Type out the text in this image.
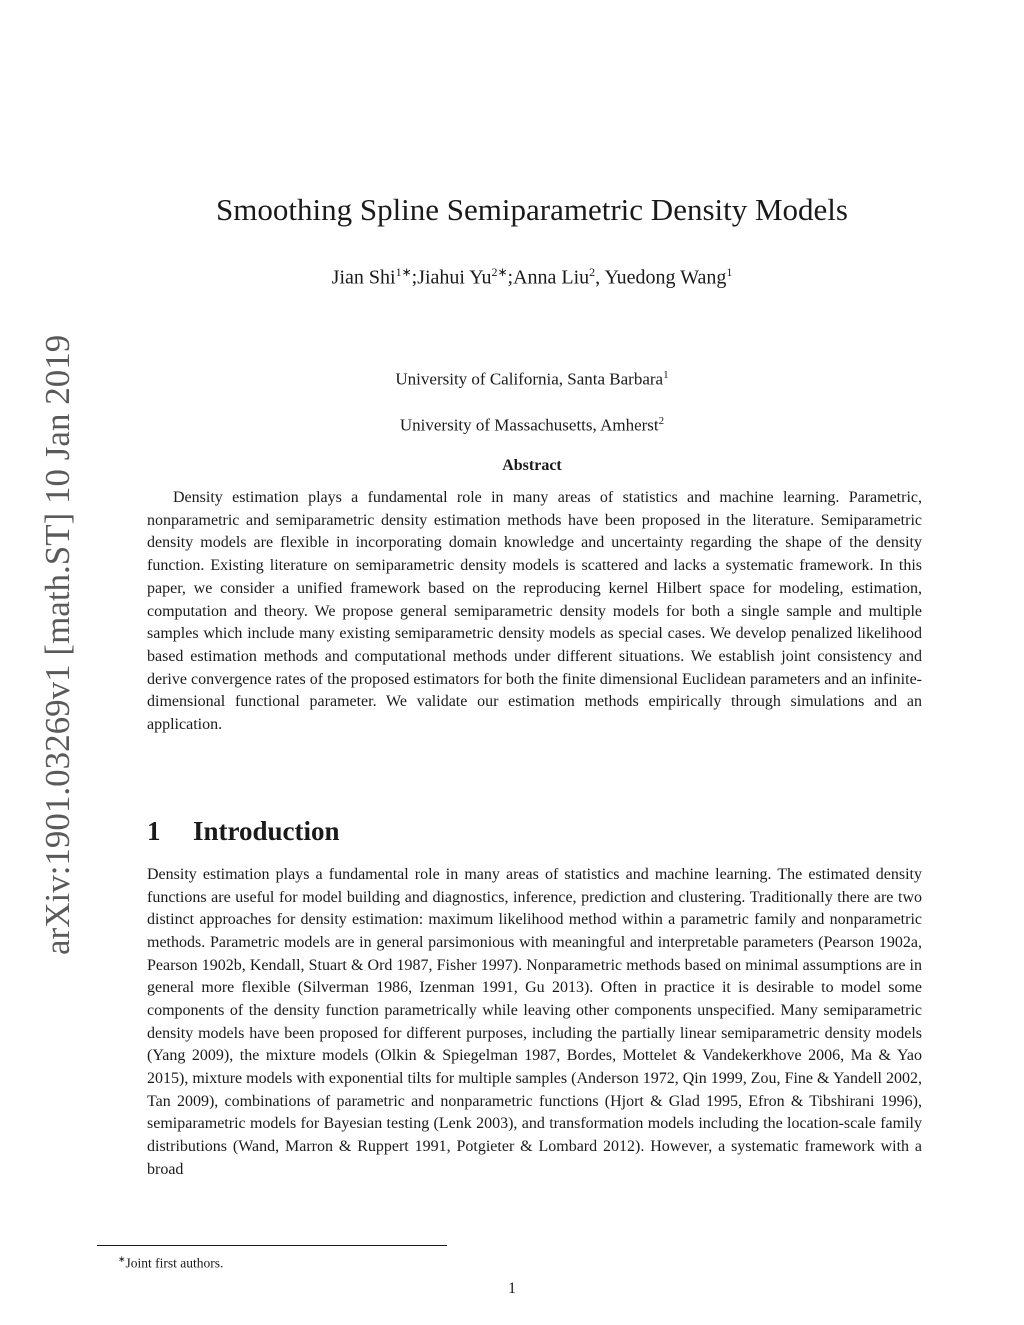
arXiv:1901.03269v1 [math.ST] 10 Jan 2019
Smoothing Spline Semiparametric Density Models
Jian Shi$^{1∗}$;Jiahui $Yu^{2∗};Anna$ Liu$^2$, Yuedong Wang$^1$
University of California, Santa Barbara$^1$
University of Massachusetts, Amherst$^2$
Abstract

Density estimation plays a fundamental role in many areas of statistics and machine learning. Parametric, nonparametric and semiparametric density estimation methods have been proposed in the literature. Semiparametric density models are flexible in incorporating domain knowledge and uncertainty regarding the shape of the density function. Existing literature on semiparametric density models is scattered and lacks a systematic framework. In this paper, we consider a unified framework based on the reproducing kernel Hilbert space for modeling, estimation, computation and theory. We propose general semiparametric density models for both a single sample and multiple samples which include many existing semiparametric density models as special cases. We develop penalized likelihood based estimation methods and computational methods under different situations. We establish joint consistency and derive convergence rates of the proposed estimators for both the finite dimensional Euclidean parameters and an infinite-dimensional functional parameter. We validate our estimation methods empirically through simulations and an application.

1 Introduction

Density estimation plays a fundamental role in many areas of statistics and machine learning. The estimated density functions are useful for model building and diagnostics, inference, prediction and clustering. Traditionally there are two distinct approaches for density estimation: maximum likelihood method within a parametric family and nonparametric methods. Parametric models are in general parsimonious with meaningful and interpretable parameters (Pearson 1902a, Pearson 1902b, Kendall, Stuart & Ord 1987, Fisher 1997). Nonparametric methods based on minimal assumptions are in general more flexible (Silverman 1986, Izenman 1991, Gu 2013). Often in practice it is desirable to model some components of the density function parametrically while leaving other components unspecified. Many semiparametric density models have been proposed for different purposes, including the partially linear semiparametric density models (Yang 2009), the mixture models (Olkin & Spiegelman 1987, Bordes, Mottelet & Vandekerkhove 2006, Ma & Yao 2015), mixture models with exponential tilts for multiple samples (Anderson 1972, Qin 1999, Zou, Fine & Yandell 2002, Tan 2009), combinations of parametric and nonparametric functions (Hjort & Glad 1995, Efron & Tibshirani 1996), semiparametric models for Bayesian testing (Lenk 2003), and transformation models including the location-scale family distributions (Wand, Marron & Ruppert 1991, Potgieter & Lombard 2012). However, a systematic framework with a broad

∗Joint first authors.
1
